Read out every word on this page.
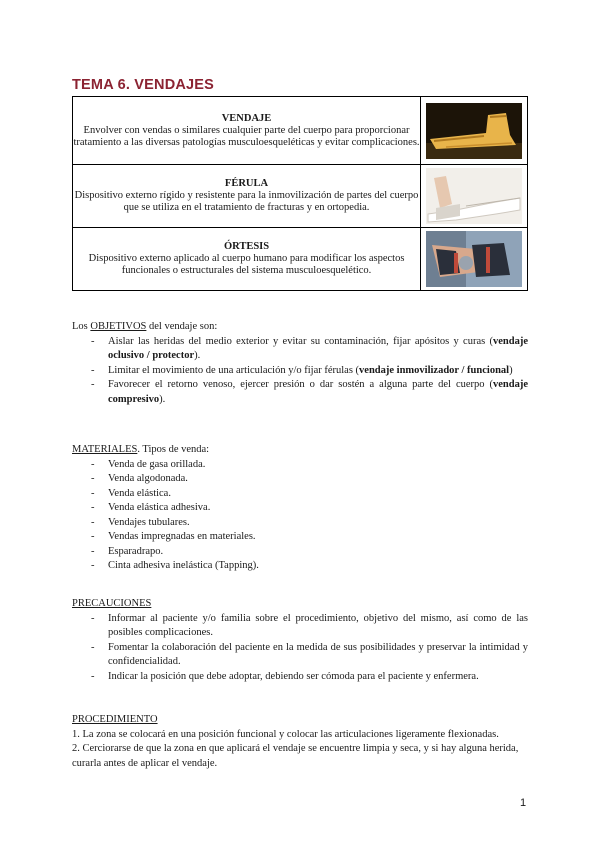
TEMA 6. VENDAJES
VENDAJE
Envolver con vendas o similares cualquier parte del cuerpo para proporcionar tratamiento a las diversas patologías musculoesqueléticas y evitar complicaciones.	

FÉRULA
Dispositivo externo rígido y resistente para la inmovilización de partes del cuerpo que se utiliza en el tratamiento de fracturas y en ortopedia.	

ÓRTESIS
Dispositivo externo aplicado al cuerpo humano para modificar los aspectos funcionales o estructurales del sistema musculoesquelético.	
Los OBJETIVOS del vendaje son:
- Aislar las heridas del medio exterior y evitar su contaminación, fijar apósitos y curas (vendaje oclusivo / protector).
- Limitar el movimiento de una articulación y/o fijar férulas (vendaje inmovilizador / funcional)
- Favorecer el retorno venoso, ejercer presión o dar sostén a alguna parte del cuerpo (vendaje compresivo).
MATERIALES. Tipos de venda:
- Venda de gasa orillada.
- Venda algodonada.
- Venda elástica.
- Venda elástica adhesiva.
- Vendajes tubulares.
- Vendas impregnadas en materiales.
- Esparadrapo.
- Cinta adhesiva inelástica (Tapping).
PRECAUCIONES
- Informar al paciente y/o familia sobre el procedimiento, objetivo del mismo, así como de las posibles complicaciones.
- Fomentar la colaboración del paciente en la medida de sus posibilidades y preservar la intimidad y confidencialidad.
- Indicar la posición que debe adoptar, debiendo ser cómoda para el paciente y enfermera.
PROCEDIMIENTO
1. La zona se colocará en una posición funcional y colocar las articulaciones ligeramente flexionadas.
2. Cerciorarse de que la zona en que aplicará el vendaje se encuentre limpia y seca, y si hay alguna herida, curarla antes de aplicar el vendaje.
1
